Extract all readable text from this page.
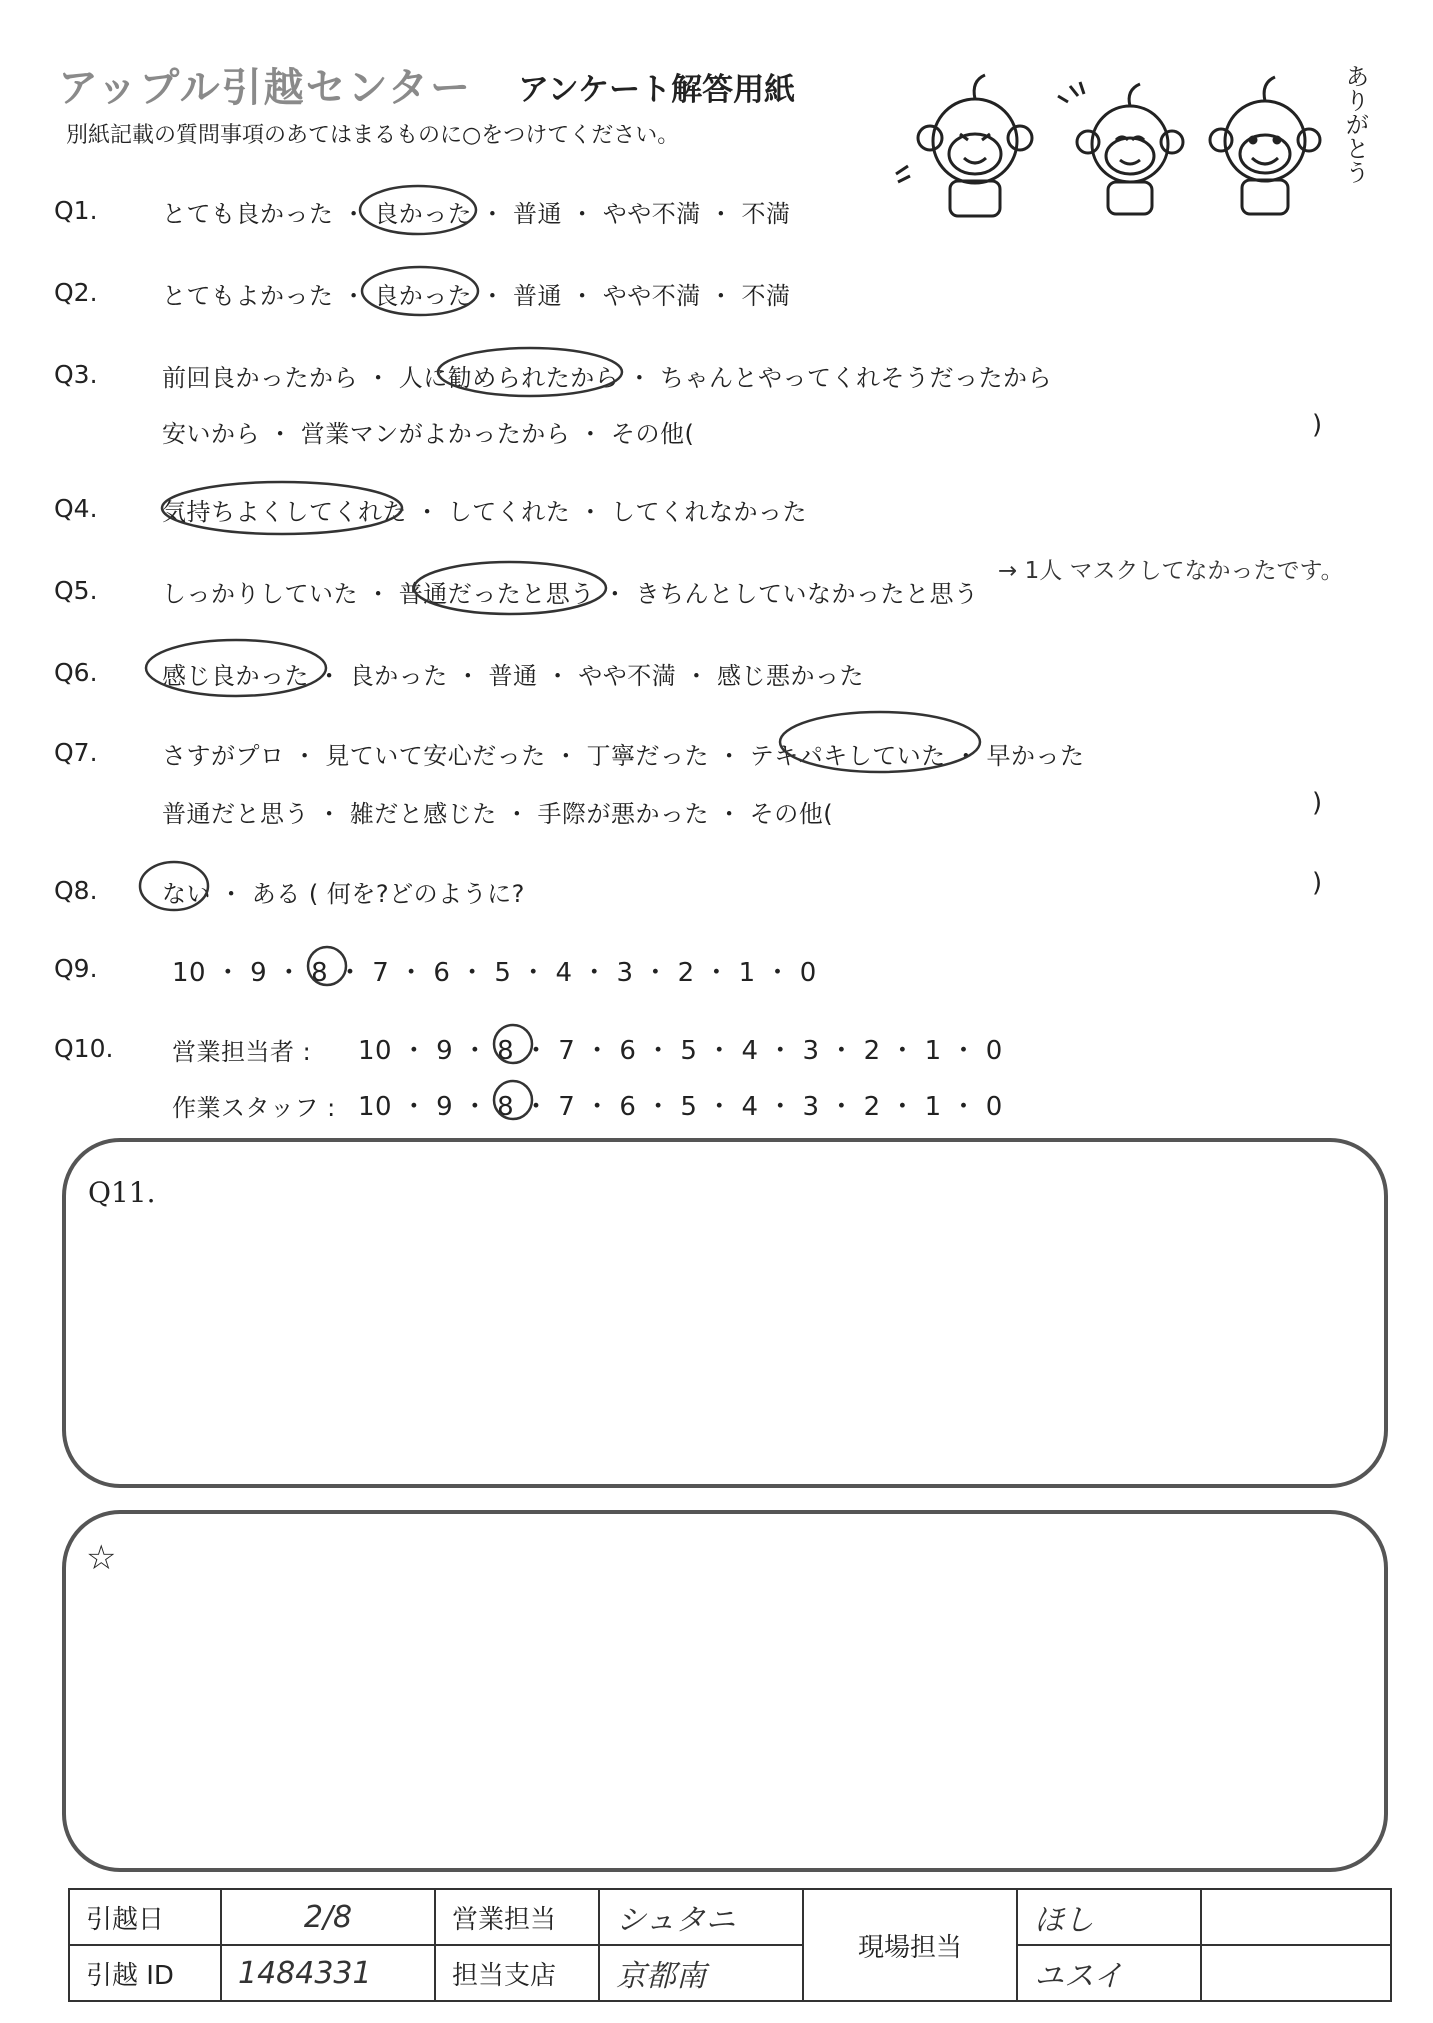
アップル引越センター アンケート解答用紙
別紙記載の質問事項のあてはまるものに○をつけてください。	ありがとう
Q1.	とても良かった ・ 良かった ・ 普通 ・ やや不満 ・ 不満
Q2.	とてもよかった ・ 良かった ・ 普通 ・ やや不満 ・ 不満
Q3.	前回良かったから ・ 人に勧められたから ・ ちゃんとやってくれそうだったから
安いから ・ 営業マンがよかったから ・ その他(	)
Q4.	気持ちよくしてくれた ・ してくれた ・ してくれなかった
Q5.	しっかりしていた ・ 普通だったと思う ・ きちんとしていなかったと思う
→ 1人 マスクしてなかったです。
Q6.	感じ良かった ・ 良かった ・ 普通 ・ やや不満 ・ 感じ悪かった
Q7.	さすがプロ ・ 見ていて安心だった ・ 丁寧だった ・ テキパキしていた ・ 早かった
普通だと思う ・ 雑だと感じた ・ 手際が悪かった ・ その他(	)
Q8.	ない ・ ある ( 何を?どのように?	)
Q9.	10 ・ 9 ・ 8 ・ 7 ・ 6 ・ 5 ・ 4 ・ 3 ・ 2 ・ 1 ・ 0
Q10. 営業担当者 : 10 ・ 9 ・ 8 ・ 7 ・ 6 ・ 5 ・ 4 ・ 3 ・ 2 ・ 1 ・ 0
作業スタッフ : 10 ・ 9 ・ 8 ・ 7 ・ 6 ・ 5 ・ 4 ・ 3 ・ 2 ・ 1 ・ 0
Q11.
☆
引越日	2/8	営業担当	シュタニ	現場担当	ほし	
引越 ID	1484331	担当支店	京都南		ユスイ	
